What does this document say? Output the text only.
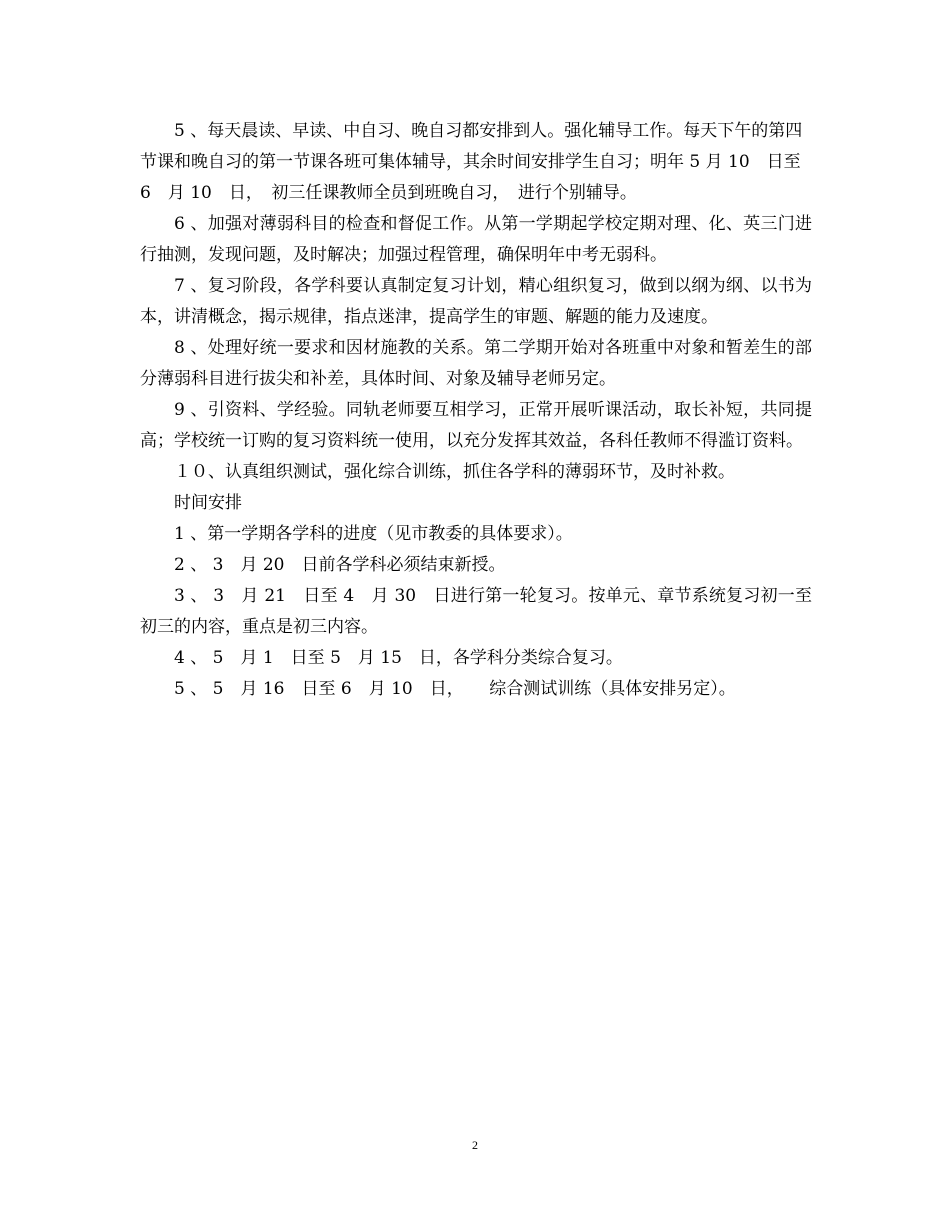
5 、每天晨读、早读、中自习、晚自习都安排到人。强化辅导工作。每天下午的第四节课和晚自习的第一节课各班可集体辅导，其余时间安排学生自习；明年 5 月 10　日至 6　月 10　日，　初三任课教师全员到班晚自习，　进行个别辅导。

6 、加强对薄弱科目的检查和督促工作。从第一学期起学校定期对理、化、英三门进行抽测，发现问题，及时解决；加强过程管理，确保明年中考无弱科。

7 、复习阶段，各学科要认真制定复习计划，精心组织复习，做到以纲为纲、以书为本，讲清概念，揭示规律，指点迷津，提高学生的审题、解题的能力及速度。

8 、处理好统一要求和因材施教的关系。第二学期开始对各班重中对象和暂差生的部分薄弱科目进行拔尖和补差，具体时间、对象及辅导老师另定。

9 、引资料、学经验。同轨老师要互相学习，正常开展听课活动，取长补短，共同提高；学校统一订购的复习资料统一使用，以充分发挥其效益，各科任教师不得滥订资料。

１０、认真组织测试，强化综合训练，抓住各学科的薄弱环节，及时补救。

时间安排

1 、第一学期各学科的进度（见市教委的具体要求）。

2 、 3　月 20　日前各学科必须结束新授。

3 、 3　月 21　日至 4　月 30　日进行第一轮复习。按单元、章节系统复习初一至初三的内容，重点是初三内容。

4 、 5　月 1　日至 5　月 15　日，各学科分类综合复习。

5 、 5　月 16　日至 6　月 10　日，　　综合测试训练（具体安排另定）。

2
